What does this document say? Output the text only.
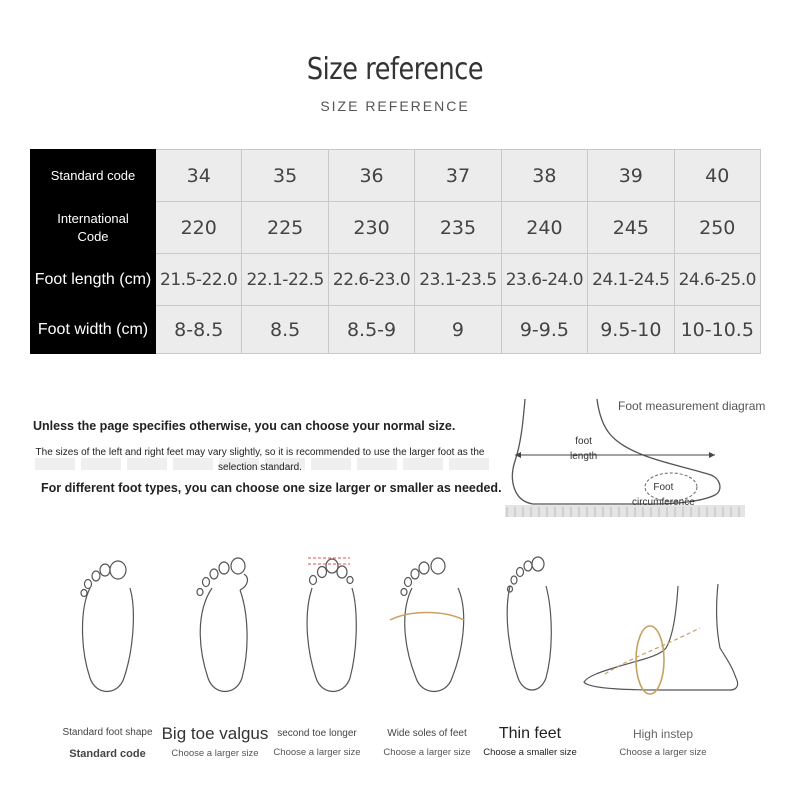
Size reference
SIZE REFERENCE
Standard code	34	35	36	37	38	39	40
International
Code	220	225	230	235	240	245	250
Foot length (cm)	21.5-22.0	22.1-22.5	22.6-23.0	23.1-23.5	23.6-24.0	24.1-24.5	24.6-25.0
Foot width (cm)	8-8.5	8.5	8.5-9	9	9-9.5	9.5-10	10-10.5
Unless the page specifies otherwise, you can choose your normal size.
The sizes of the left and right feet may vary slightly, so it is recommended to use the larger foot as the selection standard.
For different foot types, you can choose one size larger or smaller as needed.
Foot measurement diagram
foot
length
Foot
circumference
Standard foot shape
Standard code
Big toe valgus
Choose a larger size
second toe longer
Choose a larger size
Wide soles of feet
Choose a larger size
Thin feet
Choose a smaller size
High instep
Choose a larger size
